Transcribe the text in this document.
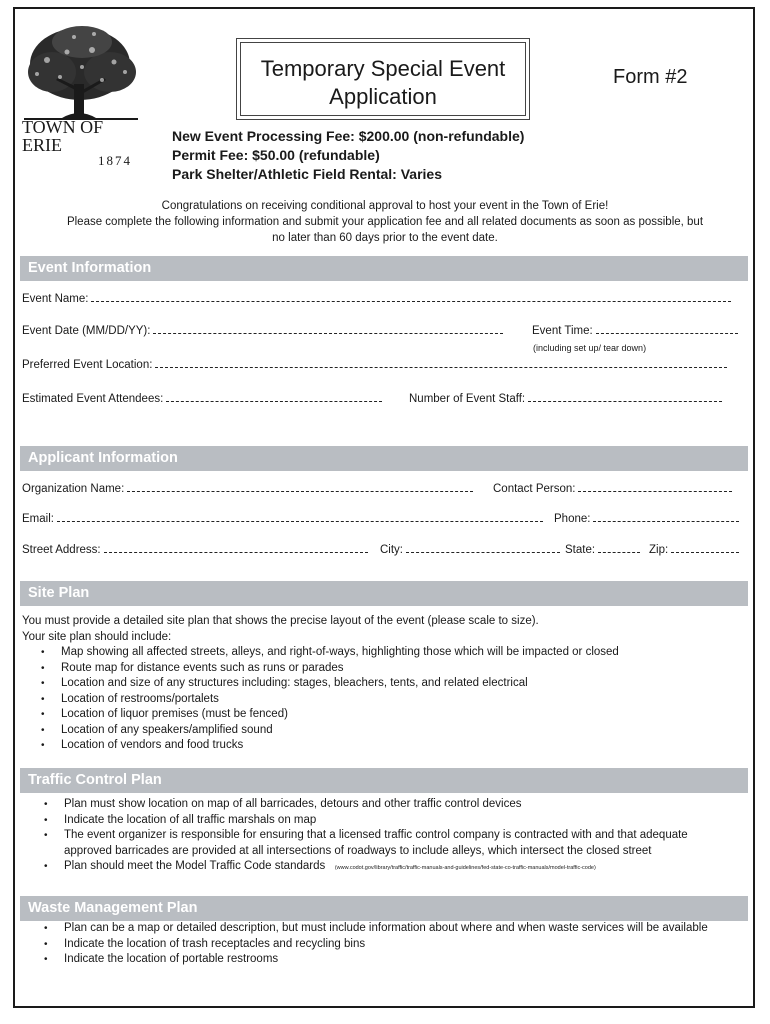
TOWN OF ERIE
1874
Temporary Special Event
Application
Form #2
New Event Processing Fee: $200.00 (non-refundable)
Permit Fee: $50.00 (refundable)
Park Shelter/Athletic Field Rental: Varies
Congratulations on receiving conditional approval to host your event in the Town of Erie!
Please complete the following information and submit your application fee and all related documents as soon as possible, but
no later than 60 days prior to the event date.
Event Information
Event Name:
Event Date (MM/DD/YY):	Event Time:
(including set up/ tear down)
Preferred Event Location:
Estimated Event Attendees:	Number of Event Staff:
Applicant Information
Organization Name:	Contact Person:
Email:	Phone:
Street Address:	City:	State:	Zip:
Site Plan
You must provide a detailed site plan that shows the precise layout of the event (please scale to size).
Your site plan should include:
• Map showing all affected streets, alleys, and right-of-ways, highlighting those which will be impacted or closed
• Route map for distance events such as runs or parades
• Location and size of any structures including: stages, bleachers, tents, and related electrical
• Location of restrooms/portalets
• Location of liquor premises (must be fenced)
• Location of any speakers/amplified sound
• Location of vendors and food trucks
Traffic Control Plan
• Plan must show location on map of all barricades, detours and other traffic control devices
• Indicate the location of all traffic marshals on map
• The event organizer is responsible for ensuring that a licensed traffic control company is contracted with and that adequate approved barricades are provided at all intersections of roadways to include alleys, which intersect the closed street
• Plan should meet the Model Traffic Code standards (www.codot.gov/library/traffic/traffic-manuals-and-guidelines/fed-state-co-traffic-manuals/model-traffic-code)
Waste Management Plan
• Plan can be a map or detailed description, but must include information about where and when waste services will be available
• Indicate the location of trash receptacles and recycling bins
• Indicate the location of portable restrooms
